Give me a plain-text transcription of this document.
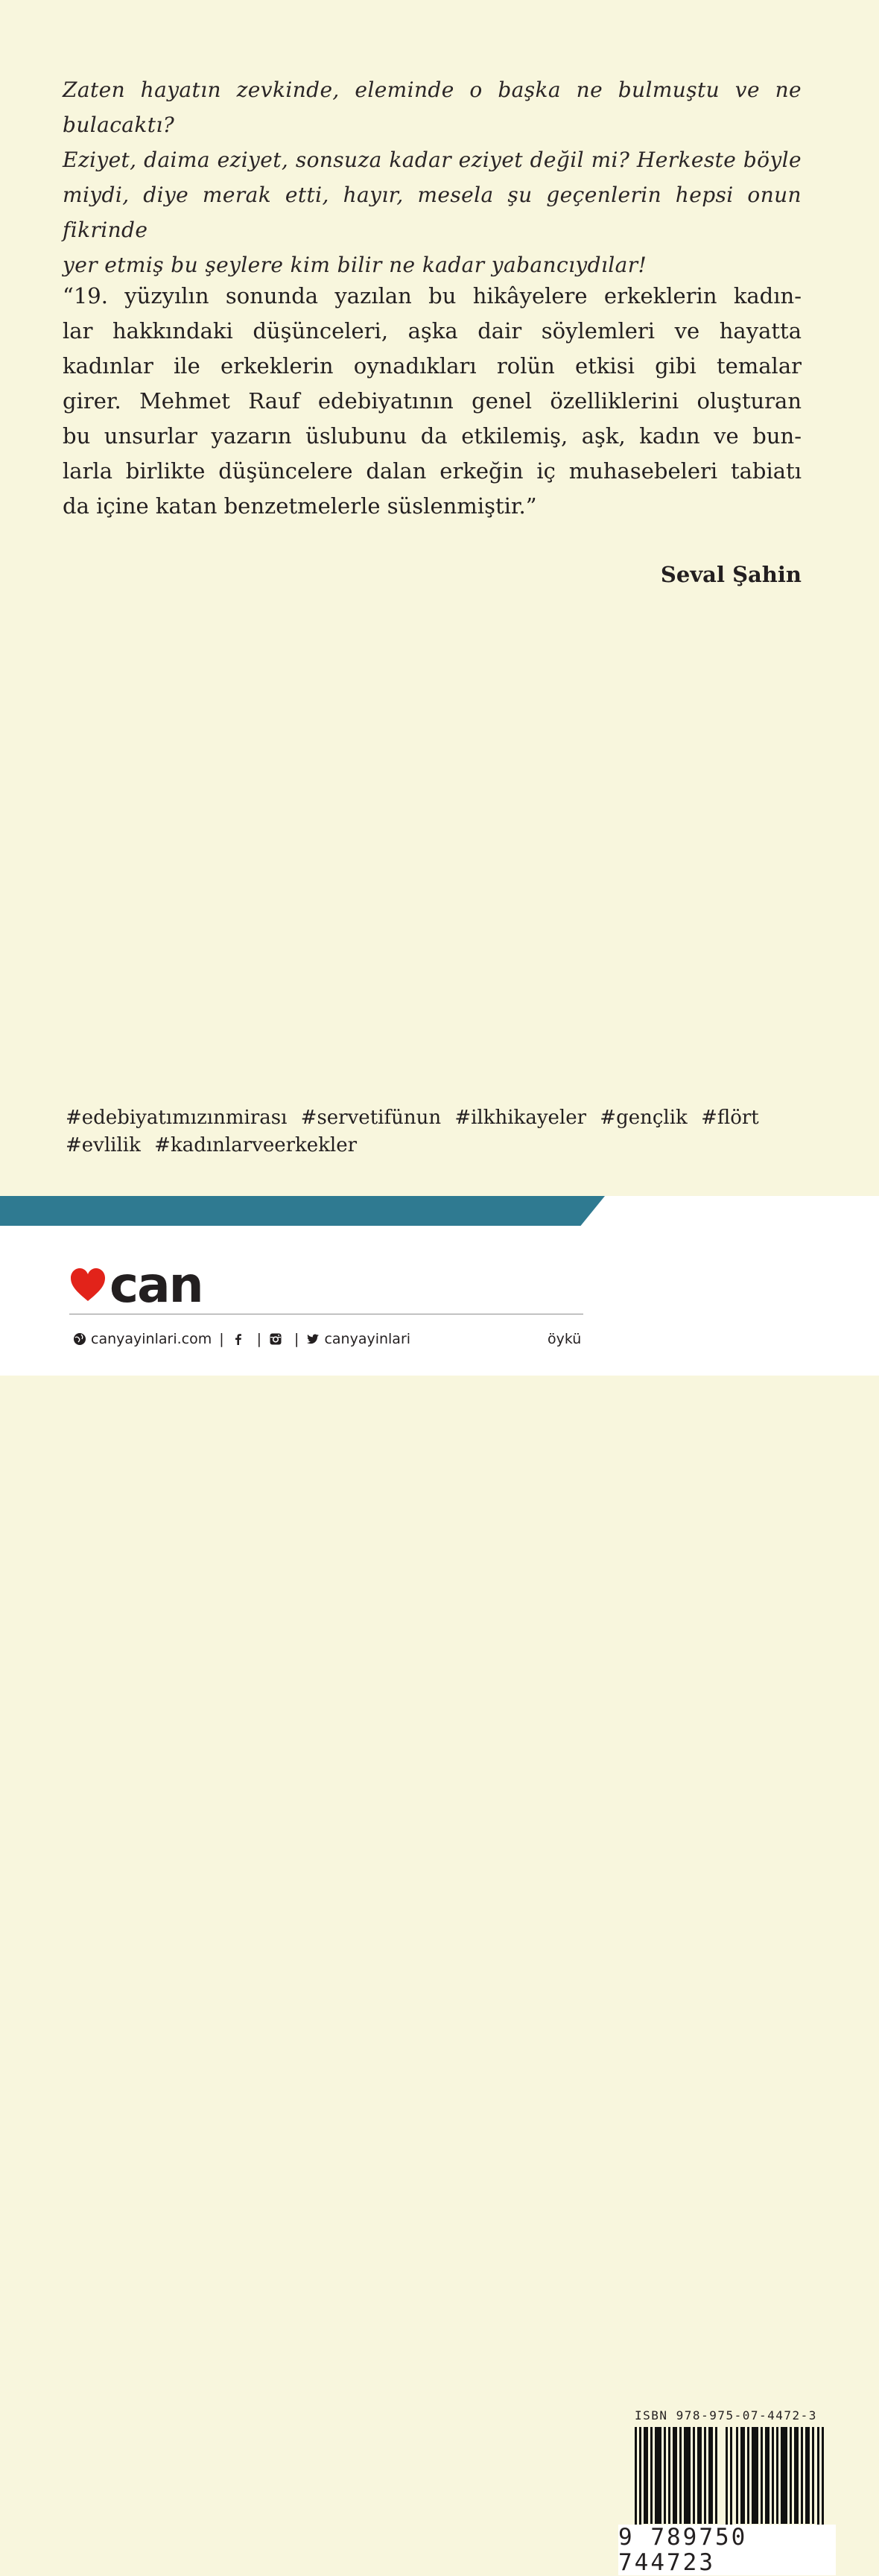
Zaten hayatın zevkinde, eleminde o başka ne bulmuştu ve ne bulacaktı?
Eziyet, daima eziyet, sonsuza kadar eziyet değil mi? Herkeste böyle
miydi, diye merak etti, hayır, mesela şu geçenlerin hepsi onun fikrinde
yer etmiş bu şeylere kim bilir ne kadar yabancıydılar!
“19. yüzyılın sonunda yazılan bu hikâyelere erkeklerin kadın-
lar hakkındaki düşünceleri, aşka dair söylemleri ve hayatta
kadınlar ile erkeklerin oynadıkları rolün etkisi gibi temalar
girer. Mehmet Rauf edebiyatının genel özelliklerini oluşturan
bu unsurlar yazarın üslubunu da etkilemiş, aşk, kadın ve bun-
larla birlikte düşüncelere dalan erkeğin iç muhasebeleri tabiatı
da içine katan benzetmelerle süslenmiştir.”
Seval Şahin
#edebiyatımızınmirası #servetifünun #ilkhikayeler #gençlik #flört
#evlilik #kadınlarveerkekler
can
ISBN 978-975-07-4472-3
9 789750 744723
canyayinlari.com | | | canyayinlari	öykü
